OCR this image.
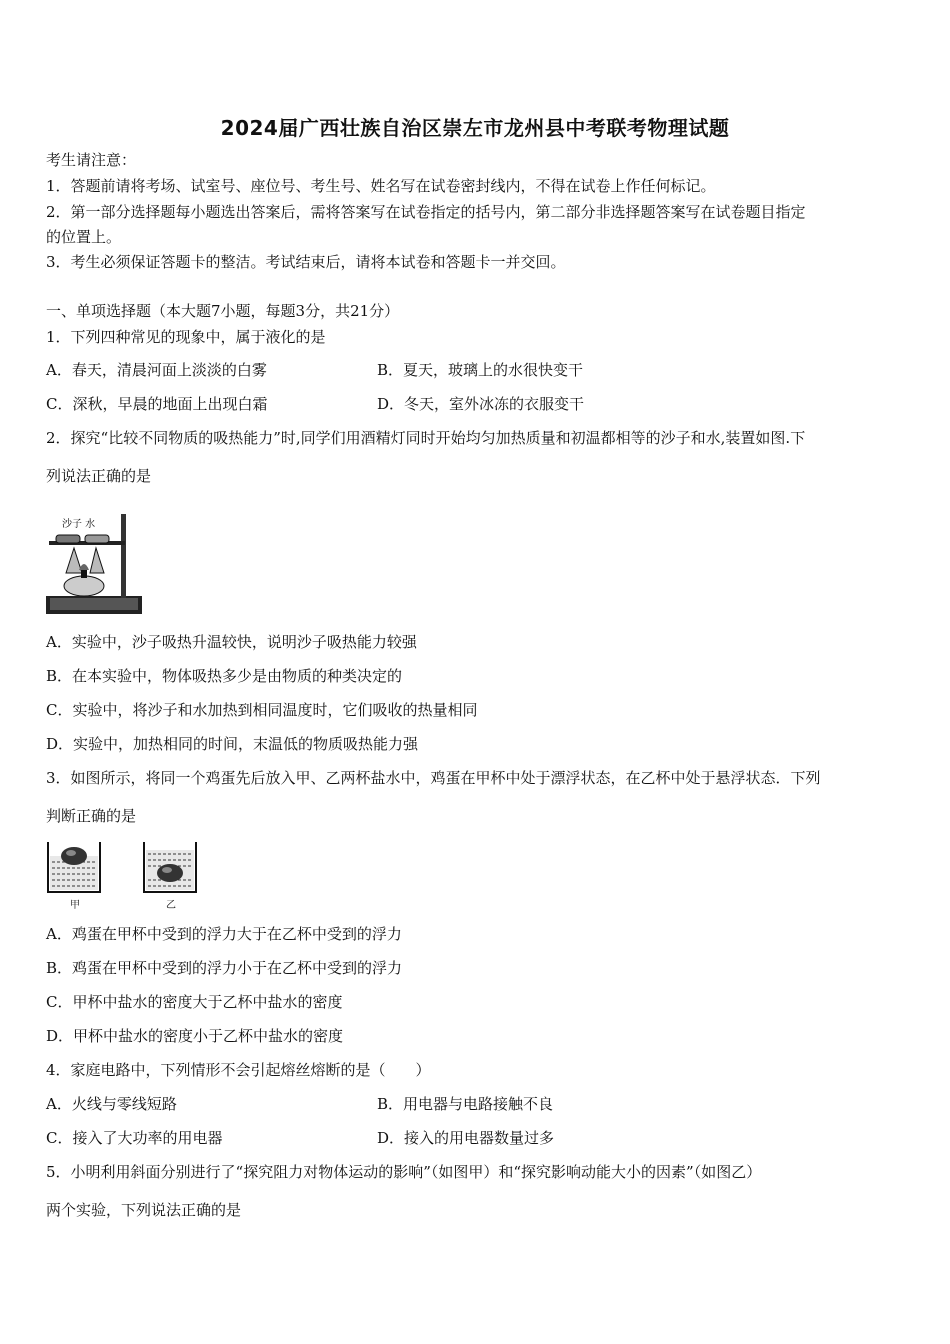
2024届广西壮族自治区崇左市龙州县中考联考物理试题
考生请注意：
1．答题前请将考场、试室号、座位号、考生号、姓名写在试卷密封线内，不得在试卷上作任何标记。
2．第一部分选择题每小题选出答案后，需将答案写在试卷指定的括号内，第二部分非选择题答案写在试卷题目指定
的位置上。
3．考生必须保证答题卡的整洁。考试结束后，请将本试卷和答题卡一并交回。
一、单项选择题（本大题7小题，每题3分，共21分）
1．下列四种常见的现象中，属于液化的是
A．春天，清晨河面上淡淡的白雾	B．夏天，玻璃上的水很快变干
C．深秋，早晨的地面上出现白霜	D．冬天，室外冰冻的衣服变干
2．探究“比较不同物质的吸热能力”时,同学们用酒精灯同时开始均匀加热质量和初温都相等的沙子和水,装置如图.下
列说法正确的是
沙子 水
A．实验中，沙子吸热升温较快，说明沙子吸热能力较强
B．在本实验中，物体吸热多少是由物质的种类决定的
C．实验中，将沙子和水加热到相同温度时，它们吸收的热量相同
D．实验中，加热相同的时间，末温低的物质吸热能力强
3．如图所示，将同一个鸡蛋先后放入甲、乙两杯盐水中，鸡蛋在甲杯中处于漂浮状态，在乙杯中处于悬浮状态．下列
判断正确的是
甲	乙
A．鸡蛋在甲杯中受到的浮力大于在乙杯中受到的浮力
B．鸡蛋在甲杯中受到的浮力小于在乙杯中受到的浮力
C．甲杯中盐水的密度大于乙杯中盐水的密度
D．甲杯中盐水的密度小于乙杯中盐水的密度
4．家庭电路中，下列情形不会引起熔丝熔断的是（　　）
A．火线与零线短路	B．用电器与电路接触不良
C．接入了大功率的用电器	D．接入的用电器数量过多
5．小明利用斜面分别进行了“探究阻力对物体运动的影响”（如图甲）和“探究影响动能大小的因素”（如图乙）
两个实验，下列说法正确的是
